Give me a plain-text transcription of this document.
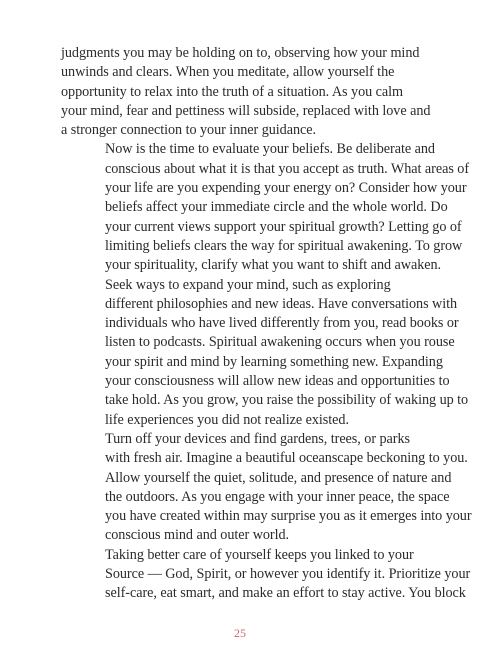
judgments you may be holding on to, observing how your mind
unwinds and clears. When you meditate, allow yourself the
opportunity to relax into the truth of a situation. As you calm
your mind, fear and pettiness will subside, replaced with love and
a stronger connection to your inner guidance.

Now is the time to evaluate your beliefs. Be deliberate and
conscious about what it is that you accept as truth. What areas of
your life are you expending your energy on? Consider how your
beliefs affect your immediate circle and the whole world. Do
your current views support your spiritual growth? Letting go of
limiting beliefs clears the way for spiritual awakening. To grow
your spirituality, clarify what you want to shift and awaken.

Seek ways to expand your mind, such as exploring
different philosophies and new ideas. Have conversations with
individuals who have lived differently from you, read books or
listen to podcasts. Spiritual awakening occurs when you rouse
your spirit and mind by learning something new. Expanding
your consciousness will allow new ideas and opportunities to
take hold. As you grow, you raise the possibility of waking up to
life experiences you did not realize existed.

Turn off your devices and find gardens, trees, or parks
with fresh air. Imagine a beautiful oceanscape beckoning to you.
Allow yourself the quiet, solitude, and presence of nature and
the outdoors. As you engage with your inner peace, the space
you have created within may surprise you as it emerges into your
conscious mind and outer world.

Taking better care of yourself keeps you linked to your
Source — God, Spirit, or however you identify it. Prioritize your
self-care, eat smart, and make an effort to stay active. You block

25
